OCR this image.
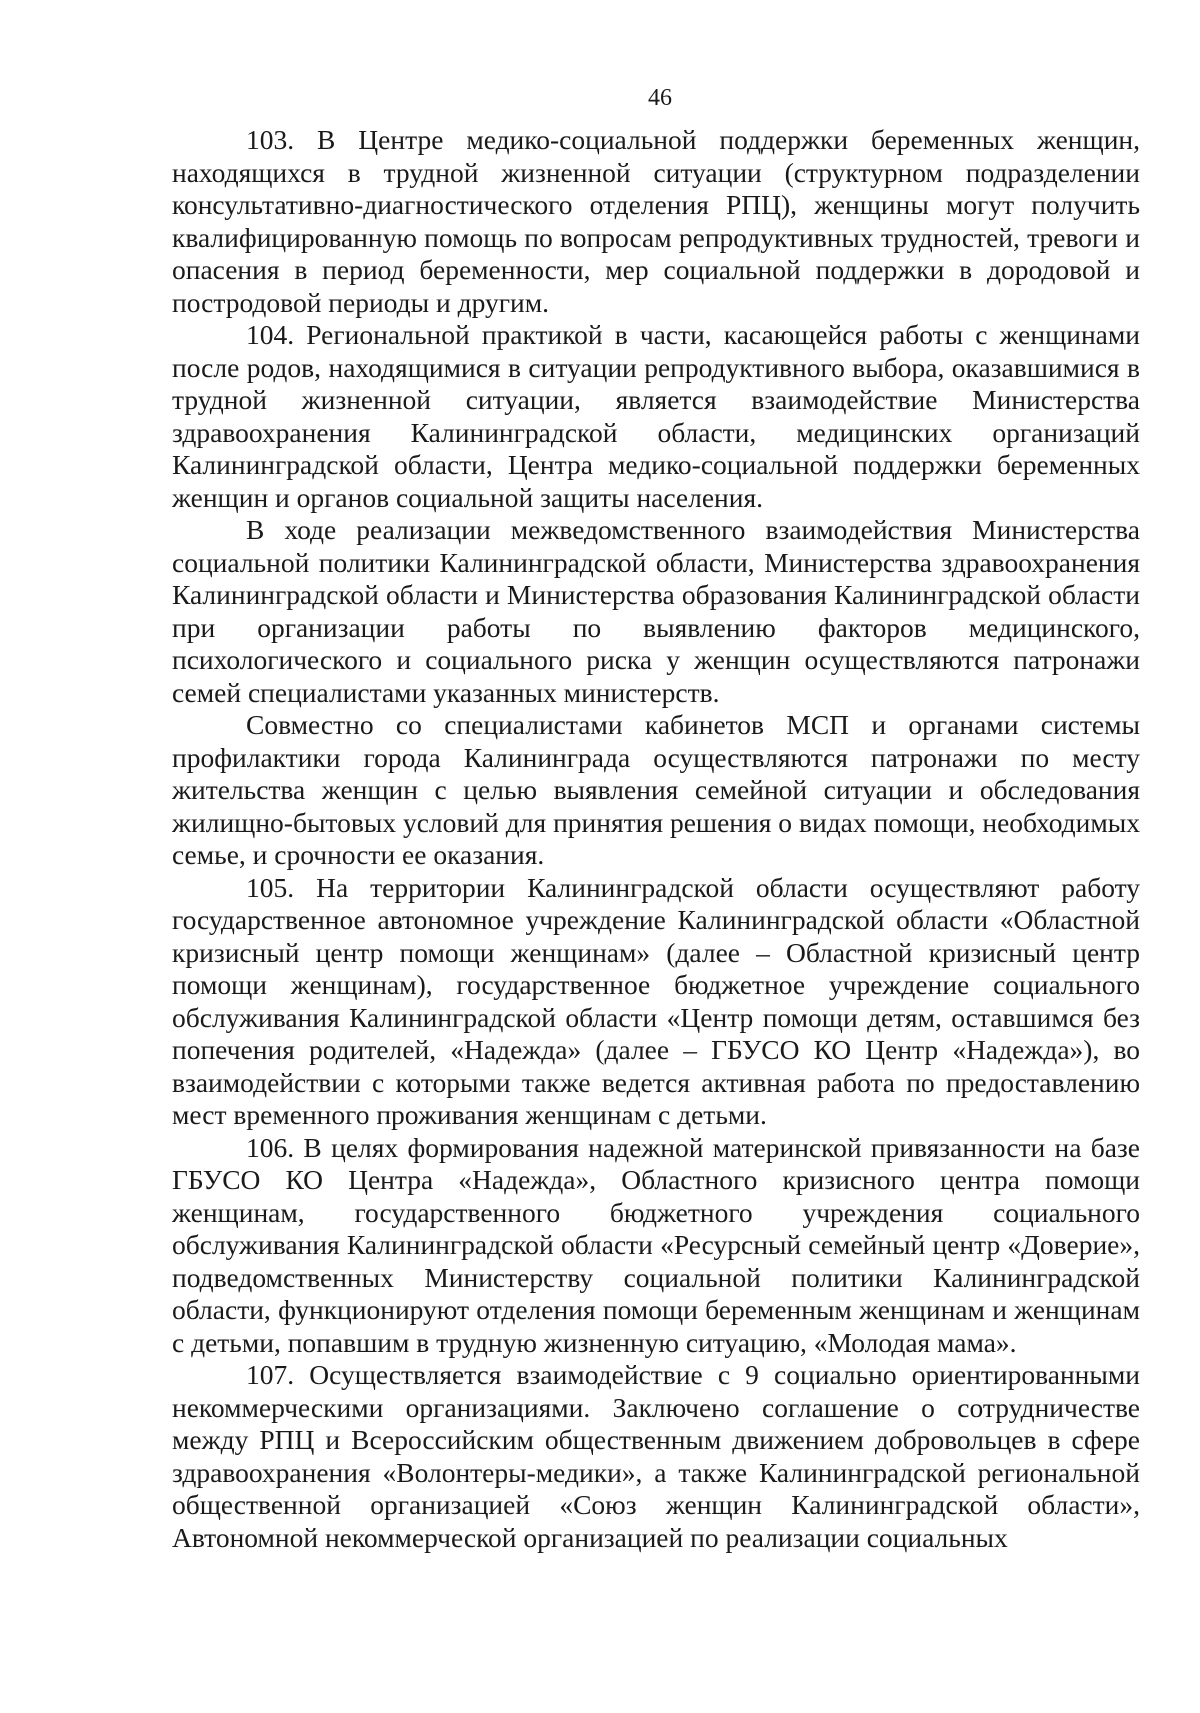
46

103. В Центре медико-социальной поддержки беременных женщин, находящихся в трудной жизненной ситуации (структурном подразделении консультативно-диагностического отделения РПЦ), женщины могут получить квалифицированную помощь по вопросам репродуктивных трудностей, тревоги и опасения в период беременности, мер социальной поддержки в дородовой и постродовой периоды и другим.

104. Региональной практикой в части, касающейся работы с женщинами после родов, находящимися в ситуации репродуктивного выбора, оказавшимися в трудной жизненной ситуации, является взаимодействие Министерства здравоохранения Калининградской области, медицинских организаций Калининградской области, Центра медико-социальной поддержки беременных женщин и органов социальной защиты населения.

В ходе реализации межведомственного взаимодействия Министерства социальной политики Калининградской области, Министерства здравоохранения Калининградской области и Министерства образования Калининградской области при организации работы по выявлению факторов медицинского, психологического и социального риска у женщин осуществляются патронажи семей специалистами указанных министерств.

Совместно со специалистами кабинетов МСП и органами системы профилактики города Калининграда осуществляются патронажи по месту жительства женщин с целью выявления семейной ситуации и обследования жилищно-бытовых условий для принятия решения о видах помощи, необходимых семье, и срочности ее оказания.

105. На территории Калининградской области осуществляют работу государственное автономное учреждение Калининградской области «Областной кризисный центр помощи женщинам» (далее – Областной кризисный центр помощи женщинам), государственное бюджетное учреждение социального обслуживания Калининградской области «Центр помощи детям, оставшимся без попечения родителей, «Надежда» (далее – ГБУСО КО Центр «Надежда»), во взаимодействии с которыми также ведется активная работа по предоставлению мест временного проживания женщинам с детьми.

106. В целях формирования надежной материнской привязанности на базе ГБУСО КО Центра «Надежда», Областного кризисного центра помощи женщинам, государственного бюджетного учреждения социального обслуживания Калининградской области «Ресурсный семейный центр «Доверие», подведомственных Министерству социальной политики Калининградской области, функционируют отделения помощи беременным женщинам и женщинам с детьми, попавшим в трудную жизненную ситуацию, «Молодая мама».

107. Осуществляется взаимодействие с 9 социально ориентированными некоммерческими организациями. Заключено соглашение о сотрудничестве между РПЦ и Всероссийским общественным движением добровольцев в сфере здравоохранения «Волонтеры-медики», а также Калининградской региональной общественной организацией «Союз женщин Калининградской области», Автономной некоммерческой организацией по реализации социальных
